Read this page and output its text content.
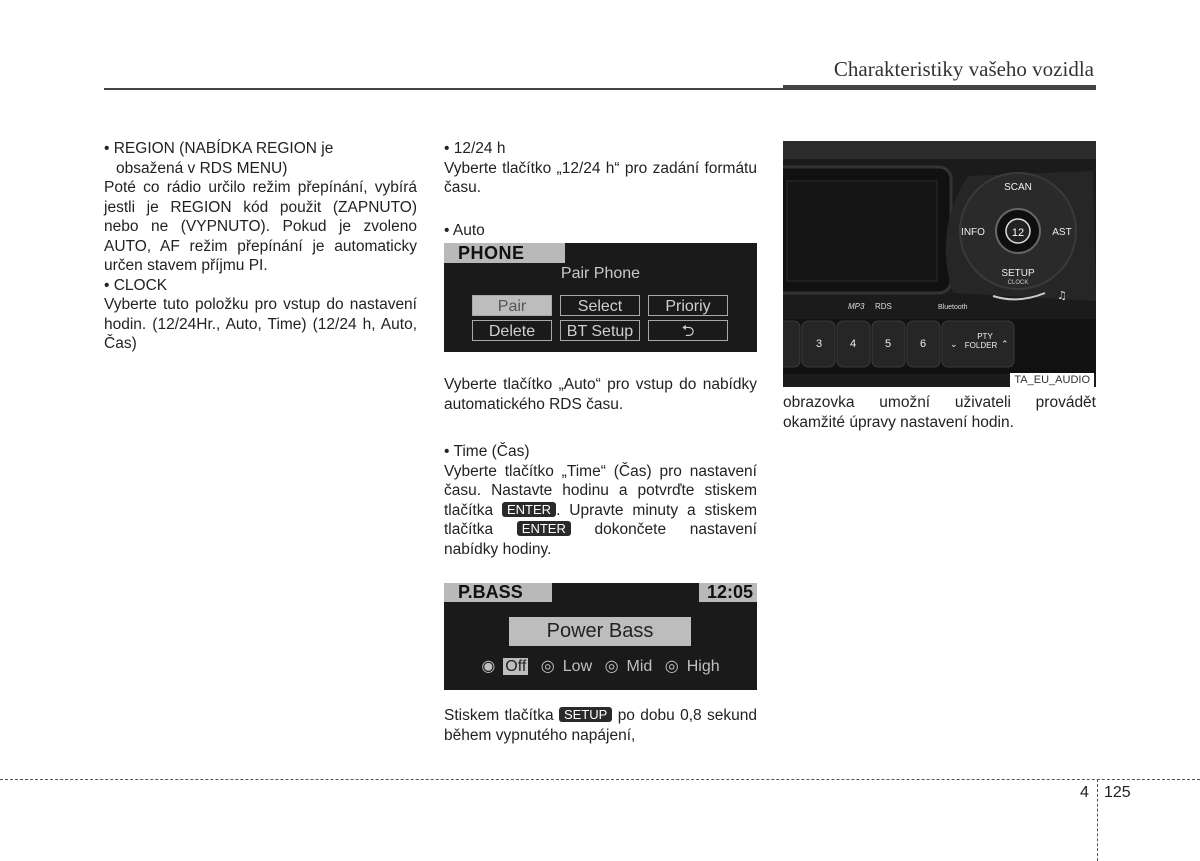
Charakteristiky vašeho vozidla

• REGION (NABÍDKA REGION je

obsažená v RDS MENU)

Poté co rádio určilo režim přepínání, vybírá jestli je REGION kód použit (ZAPNUTO) nebo ne (VYPNUTO). Pokud je zvoleno AUTO, AF režim přepínání je automaticky určen stavem příjmu PI.

• CLOCK

Vyberte tuto položku pro vstup do nastavení hodin. (12/24Hr., Auto, Time) (12/24 h, Auto, Čas)

• 12/24 h

Vyberte tlačítko „12/24 h“ pro zadání formátu času.

• Auto

Vyberte tlačítko „Auto“ pro vstup do nabídky automatického RDS času.

• Time (Čas)

Vyberte tlačítko „Time“ (Čas) pro nastavení času. Nastavte hodinu a potvrďte stiskem tlačítka ENTER . Upravte minuty a stiskem tlačítka ENTER dokončete nastavení nabídky hodiny.

Stiskem tlačítka SETUP po dobu 0,8 sekund během vypnutého napájení,

PHONE
Pair Phone
Pair	Select	Prioriy
Delete	BT Setup	⮌
P.BASS	12:05
Power Bass
◉ Off ◎ Low ◎ Mid ◎ High
12
SCAN
INFO	AST
SETUP
CLOCK
♫
MP3 RDS	Bluetooth
3	4	5	6
PTY
FOLDER
⌄	⌃
TA_EU_AUDIO

obrazovka umožní uživateli provádět okamžité úpravy nastavení hodin.

4 125
